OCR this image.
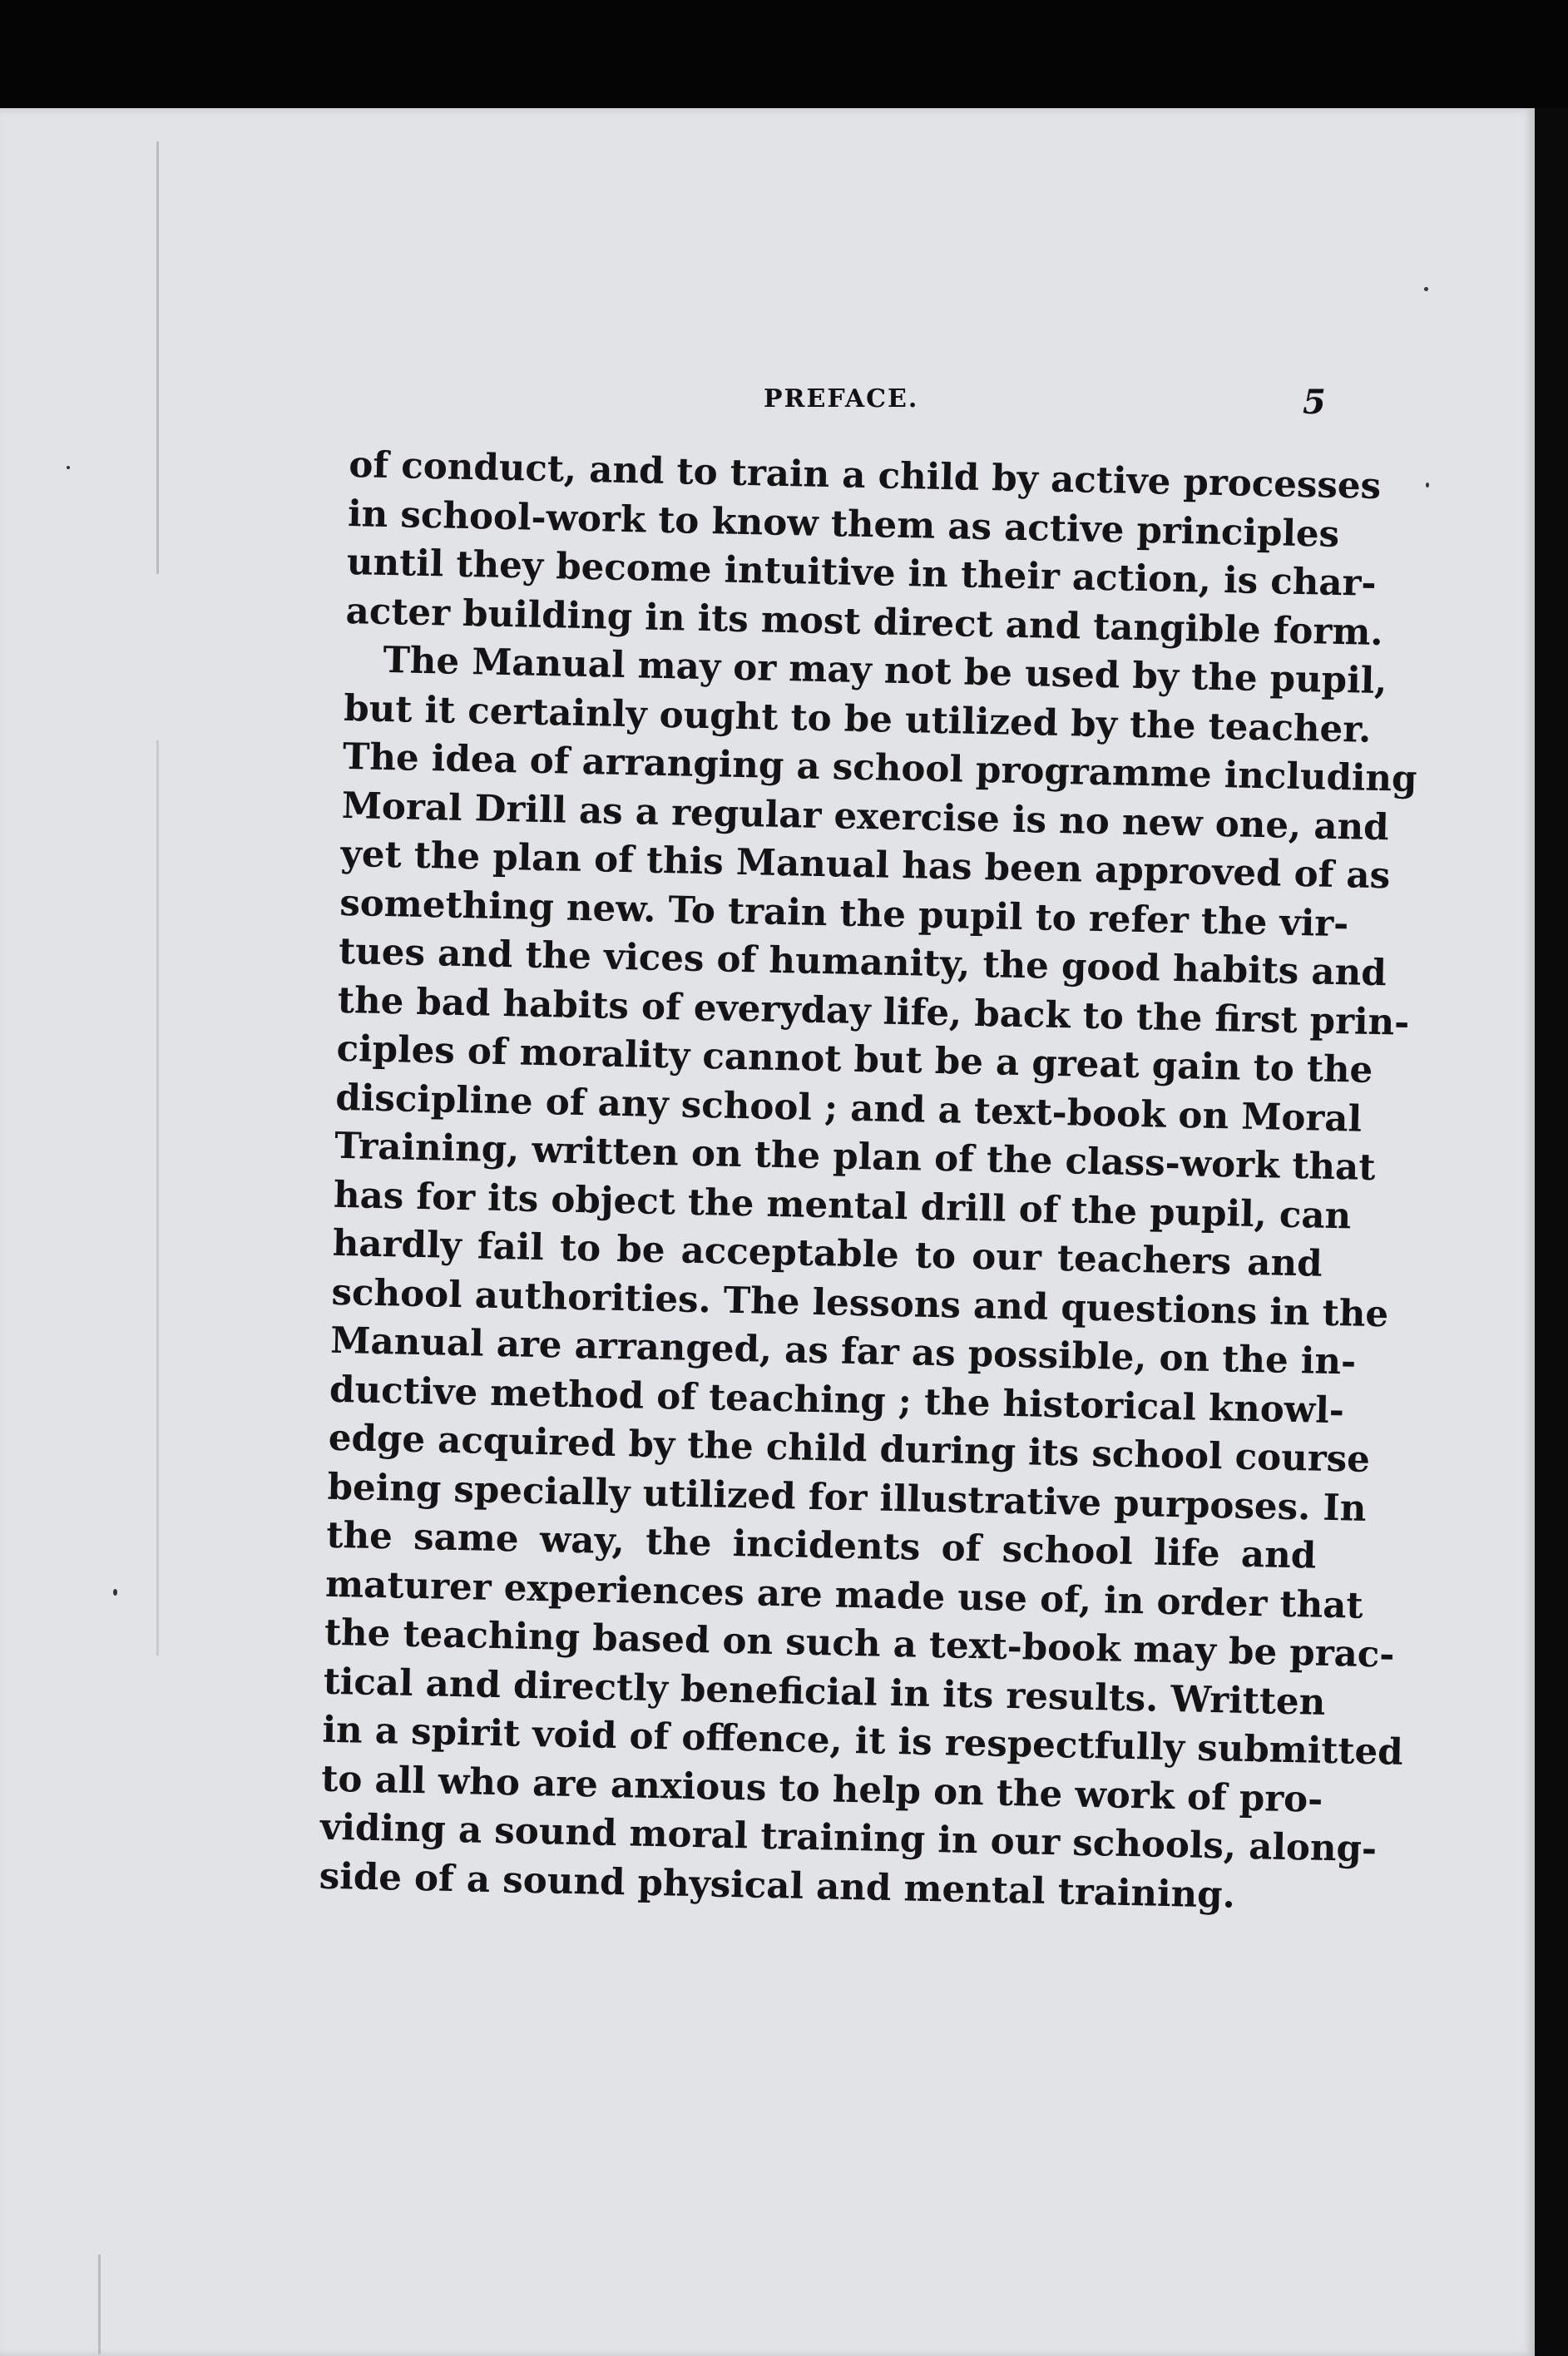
PREFACE.	5
of conduct, and to train a child by active processes
in school-work to know them as active principles
until they become intuitive in their action, is char-
acter building in its most direct and tangible form.
The Manual may or may not be used by the pupil,
but it certainly ought to be utilized by the teacher.
The idea of arranging a school programme including
Moral Drill as a regular exercise is no new one, and
yet the plan of this Manual has been approved of as
something new. To train the pupil to refer the vir-
tues and the vices of humanity, the good habits and
the bad habits of everyday life, back to the first prin-
ciples of morality cannot but be a great gain to the
discipline of any school ; and a text-book on Moral
Training, written on the plan of the class-work that
has for its object the mental drill of the pupil, can
hardly fail to be acceptable to our teachers and
school authorities. The lessons and questions in the
Manual are arranged, as far as possible, on the in-
ductive method of teaching ; the historical knowl-
edge acquired by the child during its school course
being specially utilized for illustrative purposes. In
the same way, the incidents of school life and
maturer experiences are made use of, in order that
the teaching based on such a text-book may be prac-
tical and directly beneficial in its results. Written
in a spirit void of offence, it is respectfully submitted
to all who are anxious to help on the work of pro-
viding a sound moral training in our schools, along-
side of a sound physical and mental training.
